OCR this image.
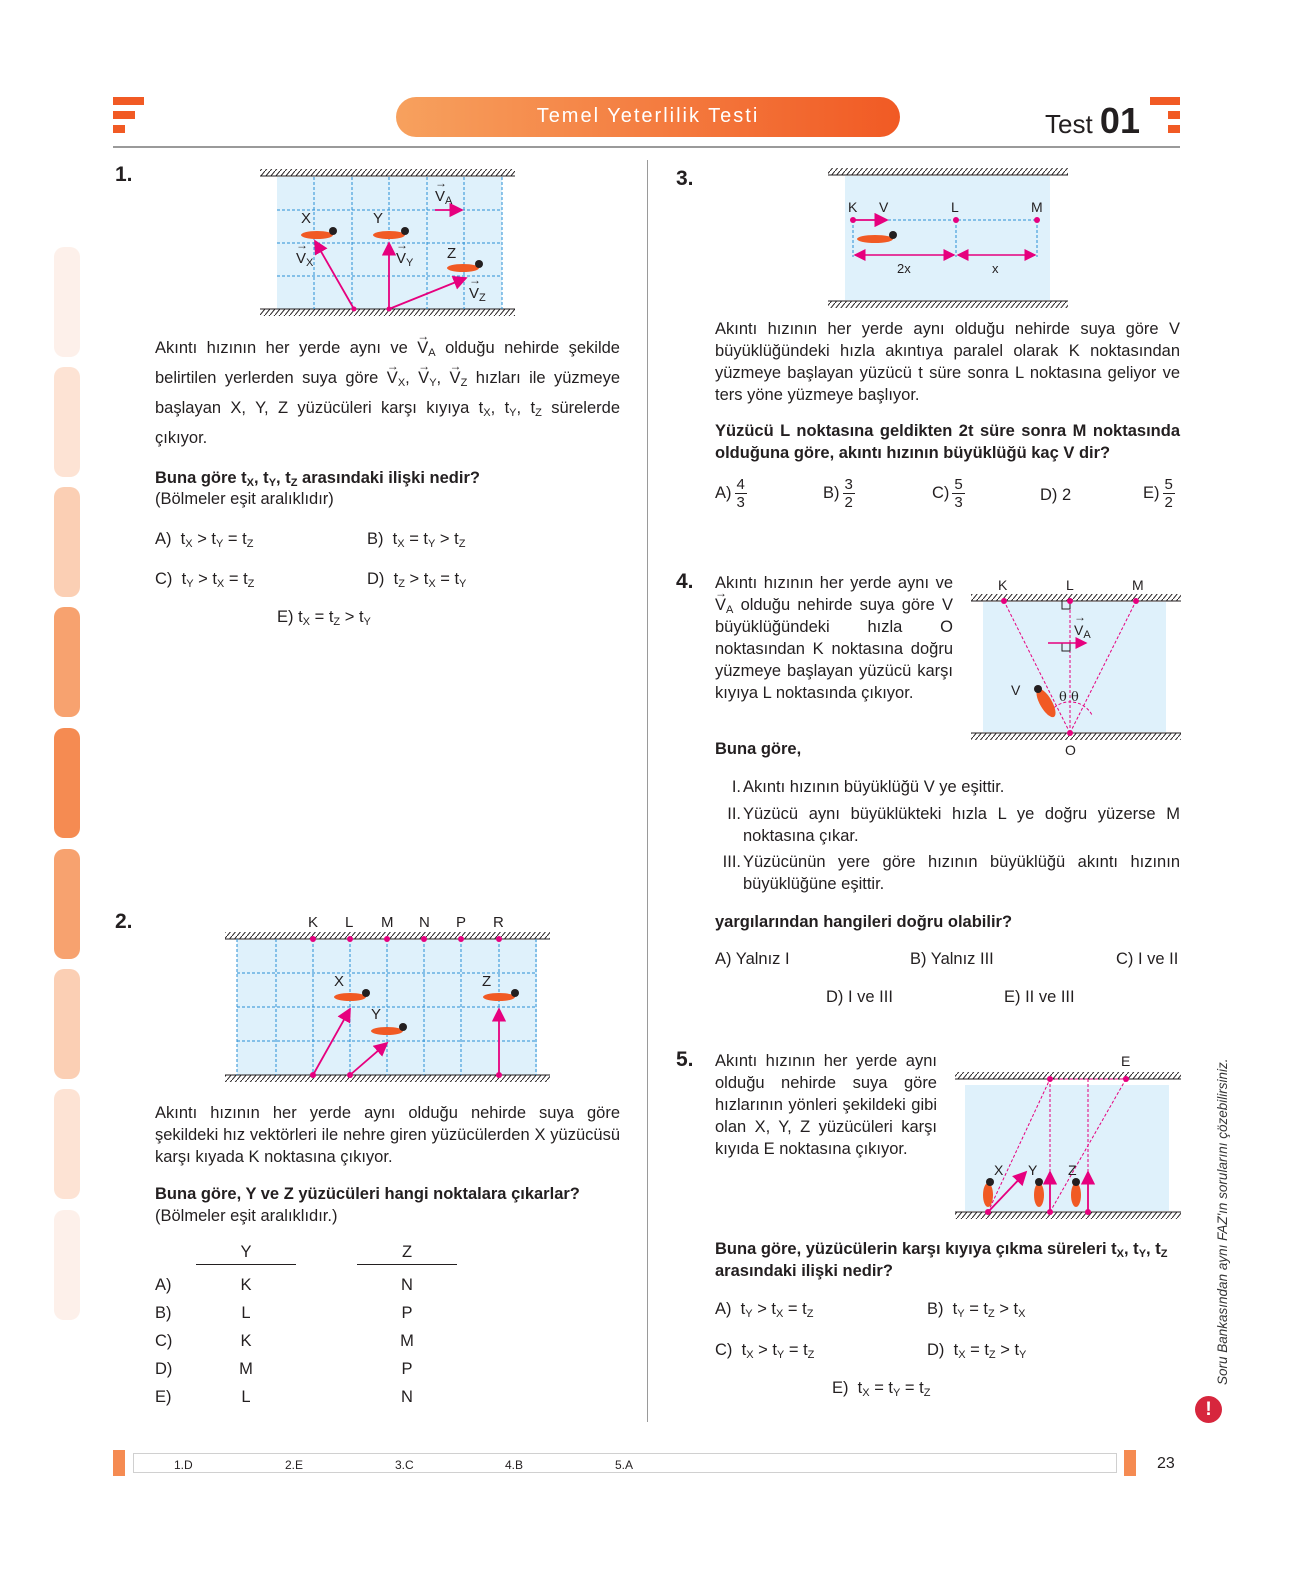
Temel Yeterlilik Testi	Test 01
1.
X	Y
Z
→ $V_A$
→ $V_X$	→ $V_Y$
→ $V_Z$
Akıntı hızının her yerde aynı ve → $V_A$ olduğu nehirde şekilde belirtilen yerlerden suya göre → $V_X$, → $V_Y$, → $V_Z$ hızları ile yüzmeye başlayan X, Y, Z yüzücüleri karşı kıyıya $t_X$, $t_Y$, $t_Z$ sürelerde çıkıyor.
Buna göre $t_X$, $t_Y$, $t_Z$ arasındaki ilişki nedir?
(Bölmeler eşit aralıklıdır)
A)  $t_X > t_Y = t_Z$	B)  $t_X = t_Y > t_Z$
C)  $t_Y > t_X = t_Z$	D)  $t_Z > t_X = t_Y$
E) $t_X = t_Z > t_Y$
2.	K L M N P R
X
Y
Z
Akıntı hızının her yerde aynı olduğu nehirde suya göre şekildeki hız vektörleri ile nehre giren yüzücülerden X yüzücüsü karşı kıyada K noktasına çıkıyor.
Buna göre, Y ve Z yüzücüleri hangi noktalara çıkarlar?
(Bölmeler eşit aralıklıdır.)
Y	Z
A)	K	N
B)	L	P
C)	K	M
D)	M	P
E)	L	N
3.
K V	L	M
2x	x
Akıntı hızının her yerde aynı olduğu nehirde suya göre V büyüklüğündeki hızla akıntıya paralel olarak K noktasından yüzmeye başlayan yüzücü t süre sonra L noktasına geliyor ve ters yöne yüzmeye başlıyor.
Yüzücü L noktasına geldikten 2t süre sonra M noktasında olduğuna göre, akıntı hızının büyüklüğü kaç V dir?
$A) \frac{4}{3}$	$B) \frac{3}{2}$	$C) \frac{5}{3}$	D) 2	$E) \frac{5}{2}$
4. Akıntı hızının her yerde aynı ve → $V_A$ olduğu nehirde suya göre V büyüklüğündeki hızla O noktasından K noktasına doğru yüzmeye başlayan yüzücü karşı kıyıya L noktasında çıkıyor.
K	L	M
O
V
→ $V_A$
θ θ
Buna göre,
I. Akıntı hızının büyüklüğü V ye eşittir.
II. Yüzücü aynı büyüklükteki hızla L ye doğru yüzerse M noktasına çıkar.
III. Yüzücünün yere göre hızının büyüklüğü akıntı hızının büyüklüğüne eşittir.
yargılarından hangileri doğru olabilir?
A) Yalnız I	B) Yalnız III	C) I ve II
D) I ve III	E) II ve III
5. Akıntı hızının her yerde aynı olduğu nehirde suya göre hızlarının yönleri şekildeki gibi olan X, Y, Z yüzücüleri karşı kıyıda E noktasına çıkıyor.
E
X Y Z
Buna göre, yüzücülerin karşı kıyıya çıkma süreleri $t_X$, $t_Y$, $t_Z$
arasındaki ilişki nedir?
A)  $t_Y > t_X = t_Z$	B)  $t_Y = t_Z > t_X$
C)  $t_X > t_Y = t_Z$	D)  $t_X = t_Z > t_Y$
E)  $t_X = t_Y = t_Z$
Soru Bankasından aynı FAZ'ın sorularını çözebilirsiniz.
!
1.D	2.E	3.C	4.B	5.A	23
